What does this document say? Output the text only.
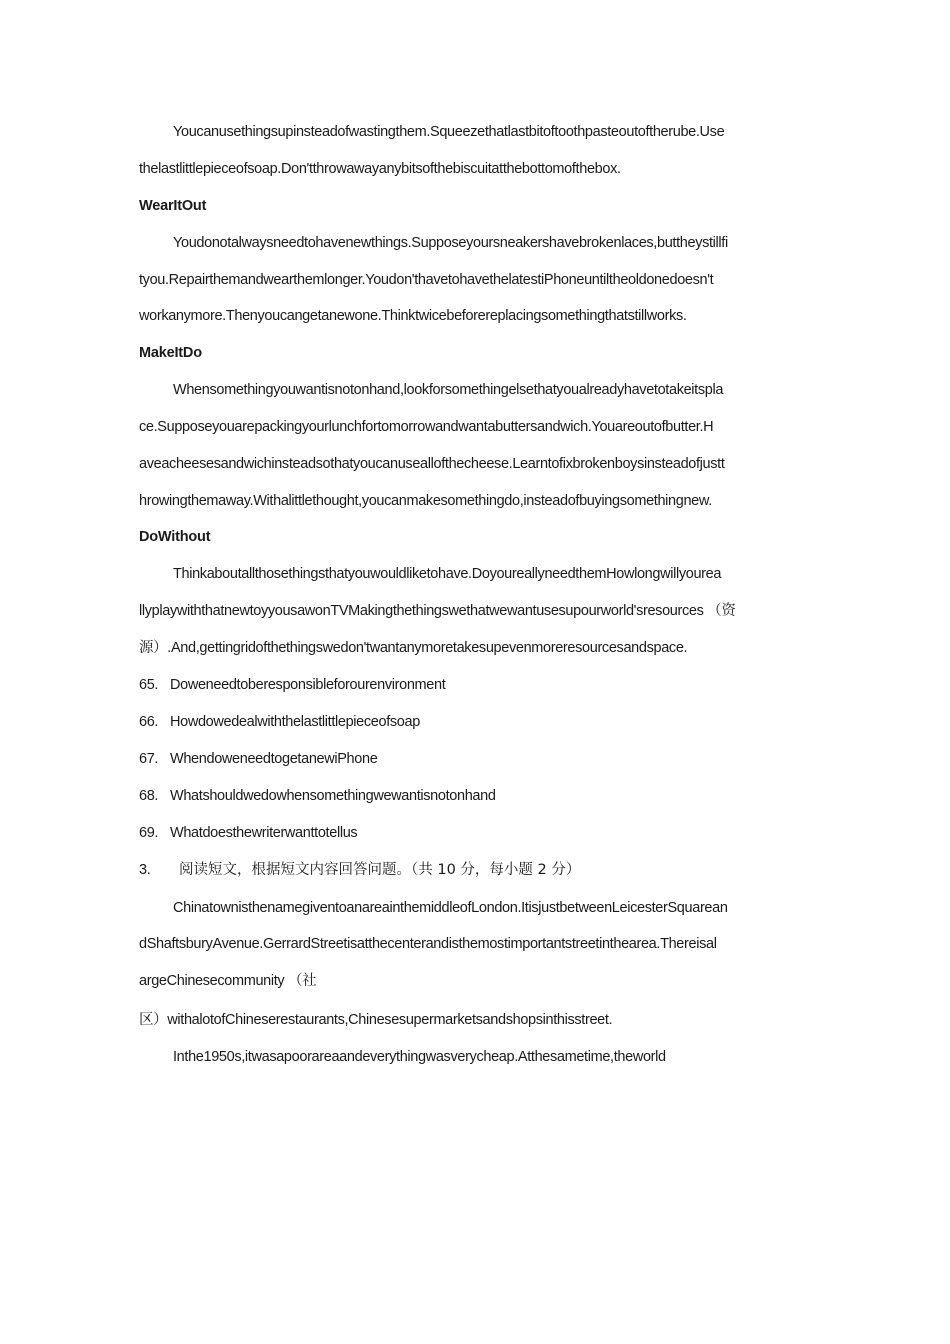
Youcanusethingsupinsteadofwastingthem.Squeezethatlastbitoftoothpasteoutoftherube.Use
thelastlittlepieceofsoap.Don'tthrowawayanybitsofthebiscuitatthebottomofthebox.
WearItOut
Youdonotalwaysneedtohavenewthings.Supposeyoursneakershavebrokenlaces,buttheystillfi
tyou.Repairthemandwearthemlonger.Youdon'thavetohavethelatestiPhoneuntiltheoldonedoesn't
workanymore.Thenyoucangetanewone.Thinktwicebeforereplacingsomethingthatstillworks.
MakeItDo
Whensomethingyouwantisnotonhand,lookforsomethingelsethatyoualreadyhavetotakeitspla
ce.Supposeyouarepackingyourlunchfortomorrowandwantabuttersandwich.Youareoutofbutter.H
aveacheesesandwichinsteadsothatyoucanuseallofthecheese.Learntofixbrokenboysinsteadofjustt
hrowingthemaway.Withalittlethought,youcanmakesomethingdo,insteadofbuyingsomethingnew.
DoWithout
Thinkaboutallthosethingsthatyouwouldliketohave.DoyoureallyneedthemHowlongwillyourea
llyplaywiththatnewtoyyousawonTVMakingthethingswethatwewantusesupourworld'sresources （资
源）.And,gettingridofthethingswedon'twantanymoretakesupevenmoreresourcesandspace.
65. Doweneedtoberesponsibleforourenvironment
66. Howdowedealwiththelastlittlepieceofsoap
67. WhendoweneedtogetanewiPhone
68. Whatshouldwedowhensomethingwewantisnotonhand
69. Whatdoesthewriterwanttotellus
3. 阅读短文，根据短文内容回答问题。（共 10 分，每小题 2 分）
ChinatownisthenamegiventoanareainthemiddleofLondon.ItisjustbetweenLeicesterSquarean
dShaftsburyAvenue.GerrardStreetisatthecenterandisthemostimportantstreetinthearea.Thereisal
argeChinesecommunity （社
区）withalotofChineserestaurants,Chinesesupermarketsandshopsinthisstreet.
Inthe1950s,itwasapoorareaandeverythingwasverycheap.Atthesametime,theworld
